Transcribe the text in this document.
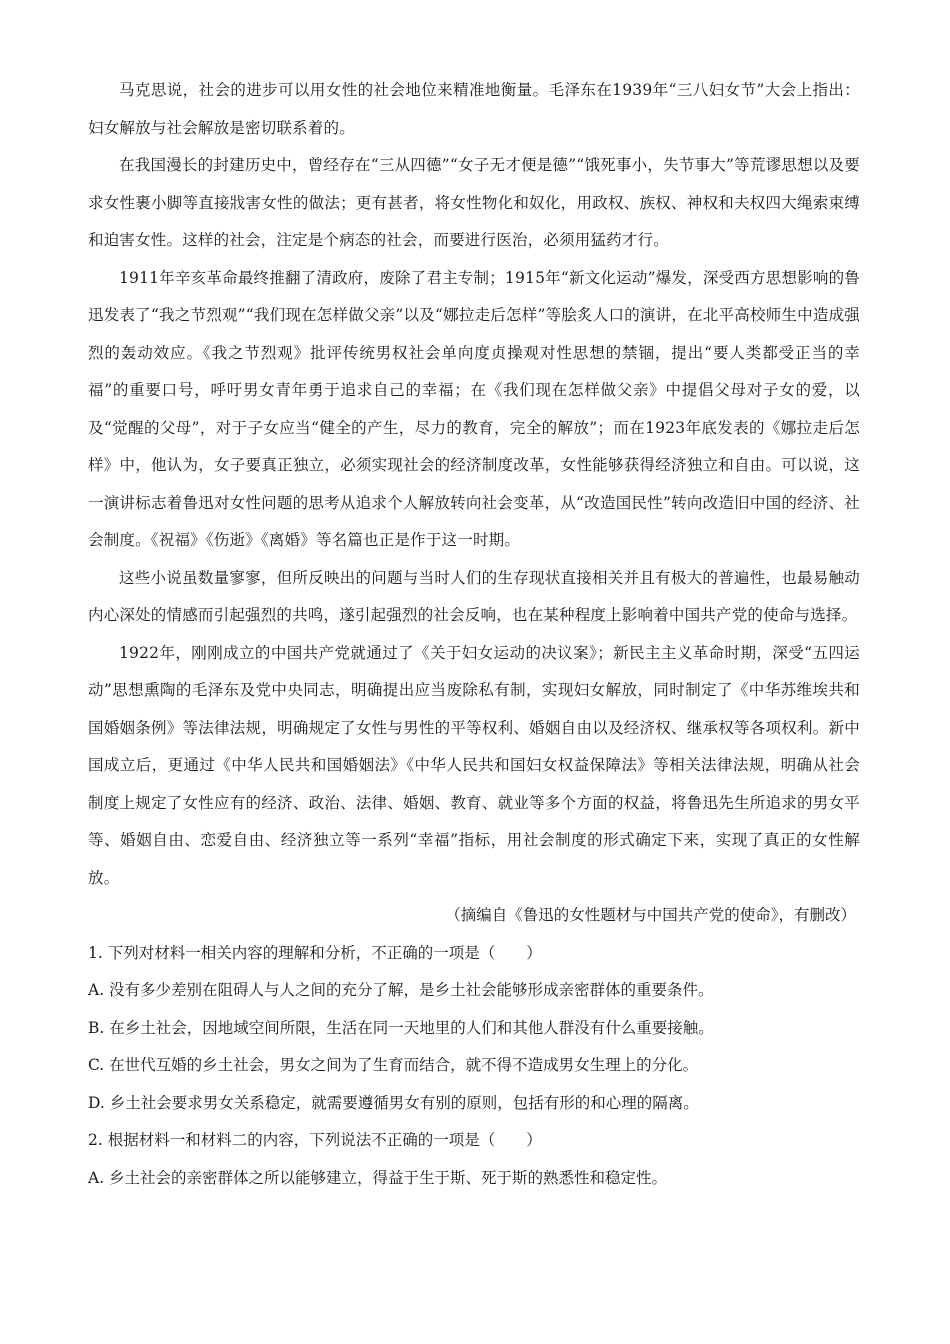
马克思说，社会的进步可以用女性的社会地位来精准地衡量。毛泽东在1939年“三八妇女节”大会上指出：妇女解放与社会解放是密切联系着的。

在我国漫长的封建历史中，曾经存在“三从四德”“女子无才便是德”“饿死事小，失节事大”等荒谬思想以及要求女性裹小脚等直接戕害女性的做法；更有甚者，将女性物化和奴化，用政权、族权、神权和夫权四大绳索束缚和迫害女性。这样的社会，注定是个病态的社会，而要进行医治，必须用猛药才行。

1911年辛亥革命最终推翻了清政府，废除了君主专制；1915年“新文化运动”爆发，深受西方思想影响的鲁迅发表了“我之节烈观”“我们现在怎样做父亲”以及“娜拉走后怎样”等脍炙人口的演讲，在北平高校师生中造成强烈的轰动效应。《我之节烈观》批评传统男权社会单向度贞操观对性思想的禁锢，提出“要人类都受正当的幸福”的重要口号，呼吁男女青年勇于追求自己的幸福；在《我们现在怎样做父亲》中提倡父母对子女的爱，以及“觉醒的父母”，对于子女应当“健全的产生，尽力的教育，完全的解放”；而在1923年底发表的《娜拉走后怎样》中，他认为，女子要真正独立，必须实现社会的经济制度改革，女性能够获得经济独立和自由。可以说，这一演讲标志着鲁迅对女性问题的思考从追求个人解放转向社会变革，从“改造国民性”转向改造旧中国的经济、社会制度。《祝福》《伤逝》《离婚》等名篇也正是作于这一时期。

这些小说虽数量寥寥，但所反映出的问题与当时人们的生存现状直接相关并且有极大的普遍性，也最易触动内心深处的情感而引起强烈的共鸣，遂引起强烈的社会反响，也在某种程度上影响着中国共产党的使命与选择。

1922年，刚刚成立的中国共产党就通过了《关于妇女运动的决议案》；新民主主义革命时期，深受“五四运动”思想熏陶的毛泽东及党中央同志，明确提出应当废除私有制，实现妇女解放，同时制定了《中华苏维埃共和国婚姻条例》等法律法规，明确规定了女性与男性的平等权利、婚姻自由以及经济权、继承权等各项权利。新中国成立后，更通过《中华人民共和国婚姻法》《中华人民共和国妇女权益保障法》等相关法律法规，明确从社会制度上规定了女性应有的经济、政治、法律、婚姻、教育、就业等多个方面的权益，将鲁迅先生所追求的男女平等、婚姻自由、恋爱自由、经济独立等一系列“幸福”指标，用社会制度的形式确定下来，实现了真正的女性解放。

（摘编自《鲁迅的女性题材与中国共产党的使命》，有删改）

1. 下列对材料一相关内容的理解和分析，不正确的一项是（　　）

A. 没有多少差别在阻碍人与人之间的充分了解，是乡土社会能够形成亲密群体的重要条件。

B. 在乡土社会，因地域空间所限，生活在同一天地里的人们和其他人群没有什么重要接触。

C. 在世代互婚的乡土社会，男女之间为了生育而结合，就不得不造成男女生理上的分化。

D. 乡土社会要求男女关系稳定，就需要遵循男女有别的原则，包括有形的和心理的隔离。

2. 根据材料一和材料二的内容，下列说法不正确的一项是（　　）

A. 乡土社会的亲密群体之所以能够建立，得益于生于斯、死于斯的熟悉性和稳定性。
